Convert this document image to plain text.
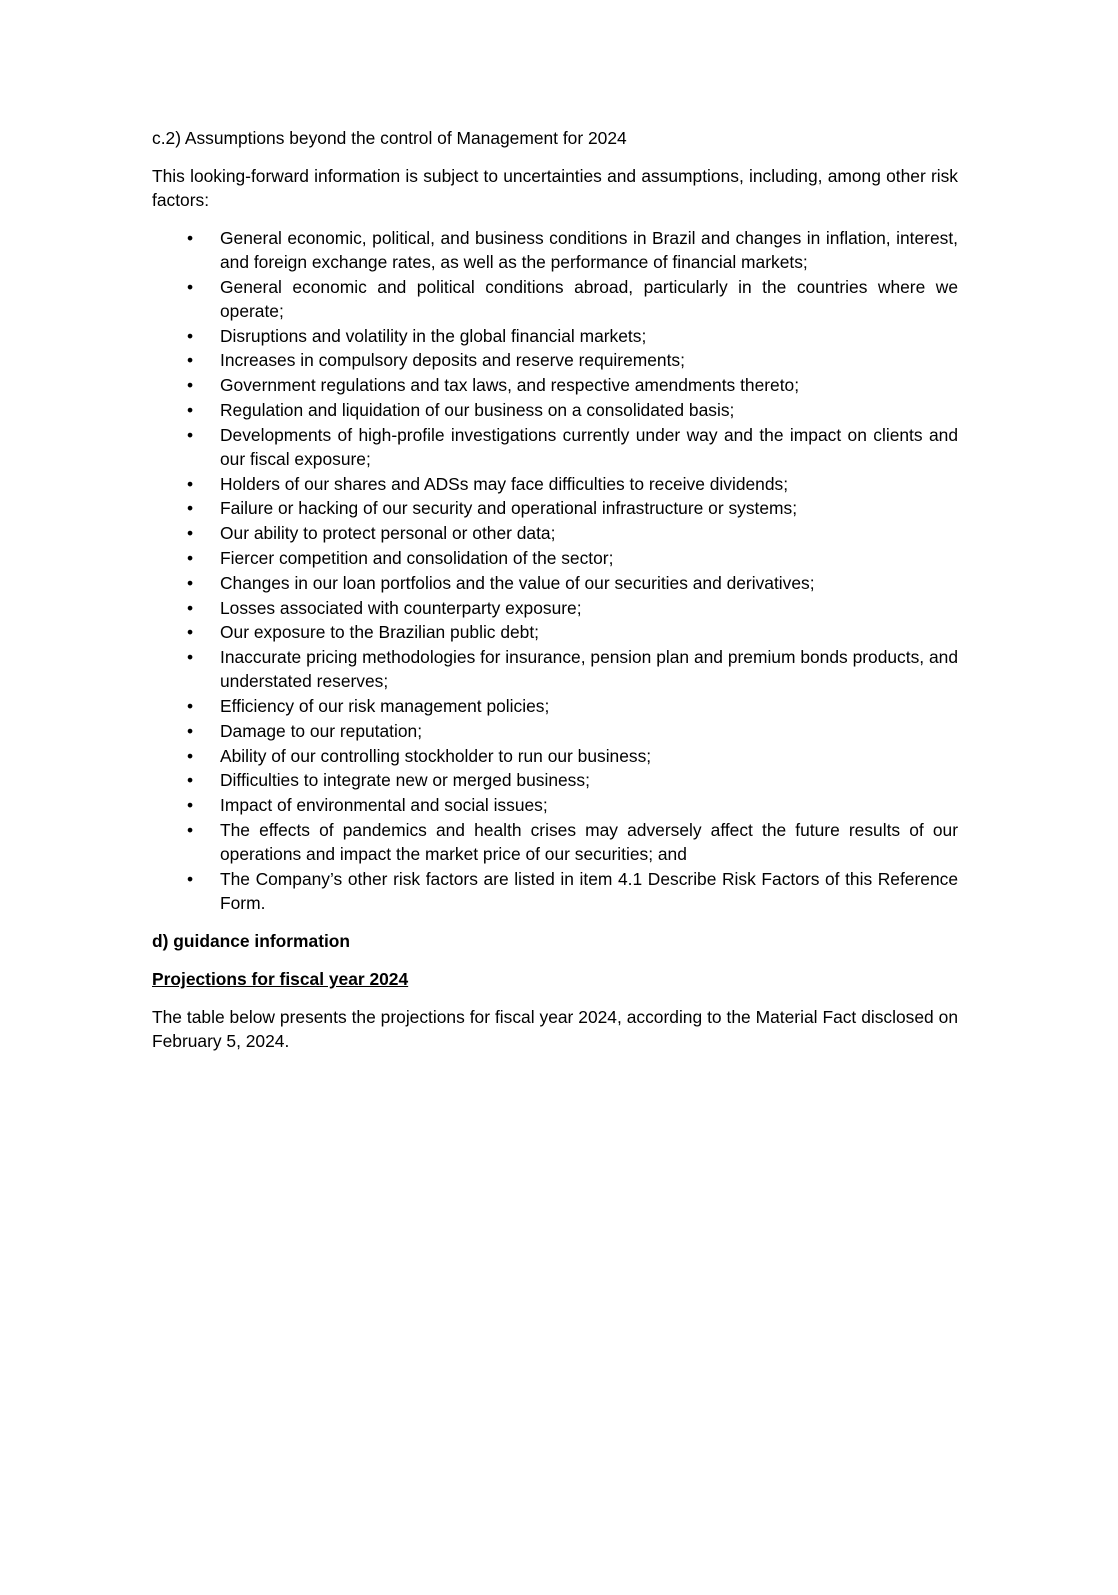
c.2) Assumptions beyond the control of Management for 2024

This looking-forward information is subject to uncertainties and assumptions, including, among other risk factors:

• General economic, political, and business conditions in Brazil and changes in inflation, interest, and foreign exchange rates, as well as the performance of financial markets;
• General economic and political conditions abroad, particularly in the countries where we operate;
• Disruptions and volatility in the global financial markets;
• Increases in compulsory deposits and reserve requirements;
• Government regulations and tax laws, and respective amendments thereto;
• Regulation and liquidation of our business on a consolidated basis;
• Developments of high-profile investigations currently under way and the impact on clients and our fiscal exposure;
• Holders of our shares and ADSs may face difficulties to receive dividends;
• Failure or hacking of our security and operational infrastructure or systems;
• Our ability to protect personal or other data;
• Fiercer competition and consolidation of the sector;
• Changes in our loan portfolios and the value of our securities and derivatives;
• Losses associated with counterparty exposure;
• Our exposure to the Brazilian public debt;
• Inaccurate pricing methodologies for insurance, pension plan and premium bonds products, and understated reserves;
• Efficiency of our risk management policies;
• Damage to our reputation;
• Ability of our controlling stockholder to run our business;
• Difficulties to integrate new or merged business;
• Impact of environmental and social issues;
• The effects of pandemics and health crises may adversely affect the future results of our operations and impact the market price of our securities; and
• The Company’s other risk factors are listed in item 4.1 Describe Risk Factors of this Reference Form.

d) guidance information

Projections for fiscal year 2024

The table below presents the projections for fiscal year 2024, according to the Material Fact disclosed on February 5, 2024.
